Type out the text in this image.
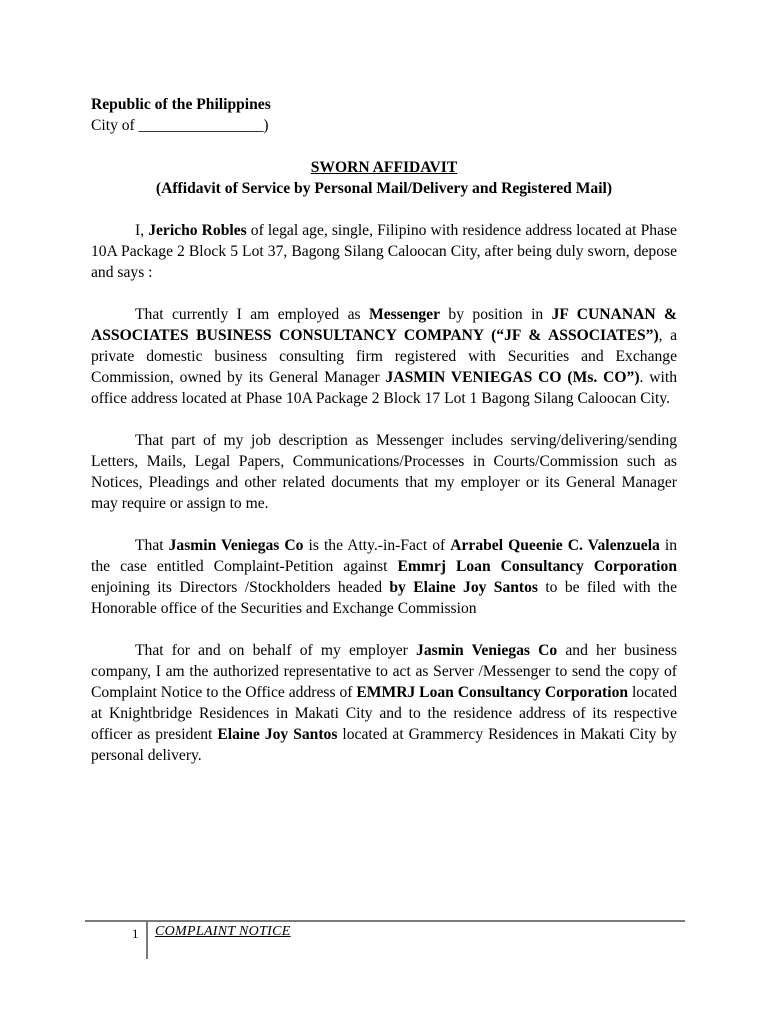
Republic of the Philippines
City of ________________)
SWORN AFFIDAVIT
(Affidavit of Service by Personal Mail/Delivery and Registered Mail)

I, Jericho Robles of legal age, single, Filipino with residence address located at Phase 10A Package 2 Block 5 Lot 37, Bagong Silang Caloocan City, after being duly sworn, depose and says :

That currently I am employed as Messenger by position in JF CUNANAN & ASSOCIATES BUSINESS CONSULTANCY COMPANY (“JF & ASSOCIATES”), a private domestic business consulting firm registered with Securities and Exchange Commission, owned by its General Manager JASMIN VENIEGAS CO (Ms. CO”). with office address located at Phase 10A Package 2 Block 17 Lot 1 Bagong Silang Caloocan City.

That part of my job description as Messenger includes serving/delivering/sending Letters, Mails, Legal Papers, Communications/Processes in Courts/Commission such as Notices, Pleadings and other related documents that my employer or its General Manager may require or assign to me.

That Jasmin Veniegas Co is the Atty.-in-Fact of Arrabel Queenie C. Valenzuela in the case entitled Complaint-Petition against Emmrj Loan Consultancy Corporation enjoining its Directors /Stockholders headed by Elaine Joy Santos to be filed with the Honorable office of the Securities and Exchange Commission

That for and on behalf of my employer Jasmin Veniegas Co and her business company, I am the authorized representative to act as Server /Messenger to send the copy of Complaint Notice to the Office address of EMMRJ Loan Consultancy Corporation located at Knightbridge Residences in Makati City and to the residence address of its respective officer as president Elaine Joy Santos located at Grammercy Residences in Makati City by personal delivery.

1 COMPLAINT NOTICE
